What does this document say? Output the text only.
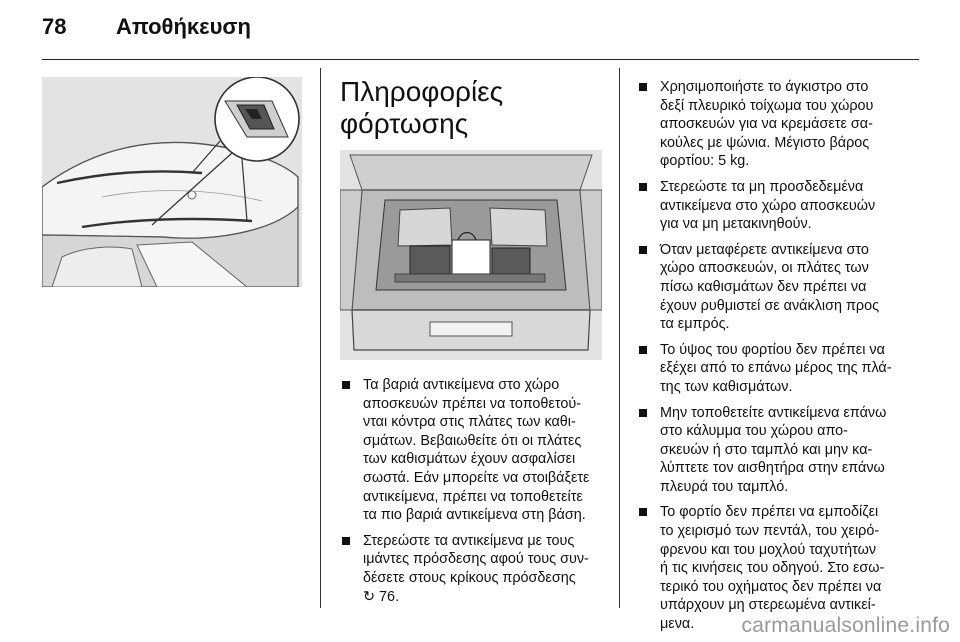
78 Αποθήκευση
Πληροφορίες
φόρτωσης
Τα βαριά αντικείμενα στο χώρο
αποσκευών πρέπει να τοποθετού-
νται κόντρα στις πλάτες των καθι-
σμάτων. Βεβαιωθείτε ότι οι πλάτες
των καθισμάτων έχουν ασφαλίσει
σωστά. Εάν μπορείτε να στοιβάξετε
αντικείμενα, πρέπει να τοποθετείτε
τα πιο βαριά αντικείμενα στη βάση.
Στερεώστε τα αντικείμενα με τους
ιμάντες πρόσδεσης αφού τους συν-
δέσετε στους κρίκους πρόσδεσης
↻ 76.
Χρησιμοποιήστε το άγκιστρο στο
δεξί πλευρικό τοίχωμα του χώρου
αποσκευών για να κρεμάσετε σα-
κούλες με ψώνια. Μέγιστο βάρος
φορτίου: 5 kg.
Στερεώστε τα μη προσδεδεμένα
αντικείμενα στο χώρο αποσκευών
για να μη μετακινηθούν.
Όταν μεταφέρετε αντικείμενα στο
χώρο αποσκευών, οι πλάτες των
πίσω καθισμάτων δεν πρέπει να
έχουν ρυθμιστεί σε ανάκλιση προς
τα εμπρός.
Το ύψος του φορτίου δεν πρέπει να
εξέχει από το επάνω μέρος της πλά-
της των καθισμάτων.
Μην τοποθετείτε αντικείμενα επάνω
στο κάλυμμα του χώρου απο-
σκευών ή στο ταμπλό και μην κα-
λύπτετε τον αισθητήρα στην επάνω
πλευρά του ταμπλό.
Το φορτίο δεν πρέπει να εμποδίζει
το χειρισμό των πεντάλ, του χειρό-
φρενου και του μοχλού ταχυτήτων
ή τις κινήσεις του οδηγού. Στο εσω-
τερικό του οχήματος δεν πρέπει να
υπάρχουν μη στερεωμένα αντικεί-
μενα.	carmanualsonline.info
